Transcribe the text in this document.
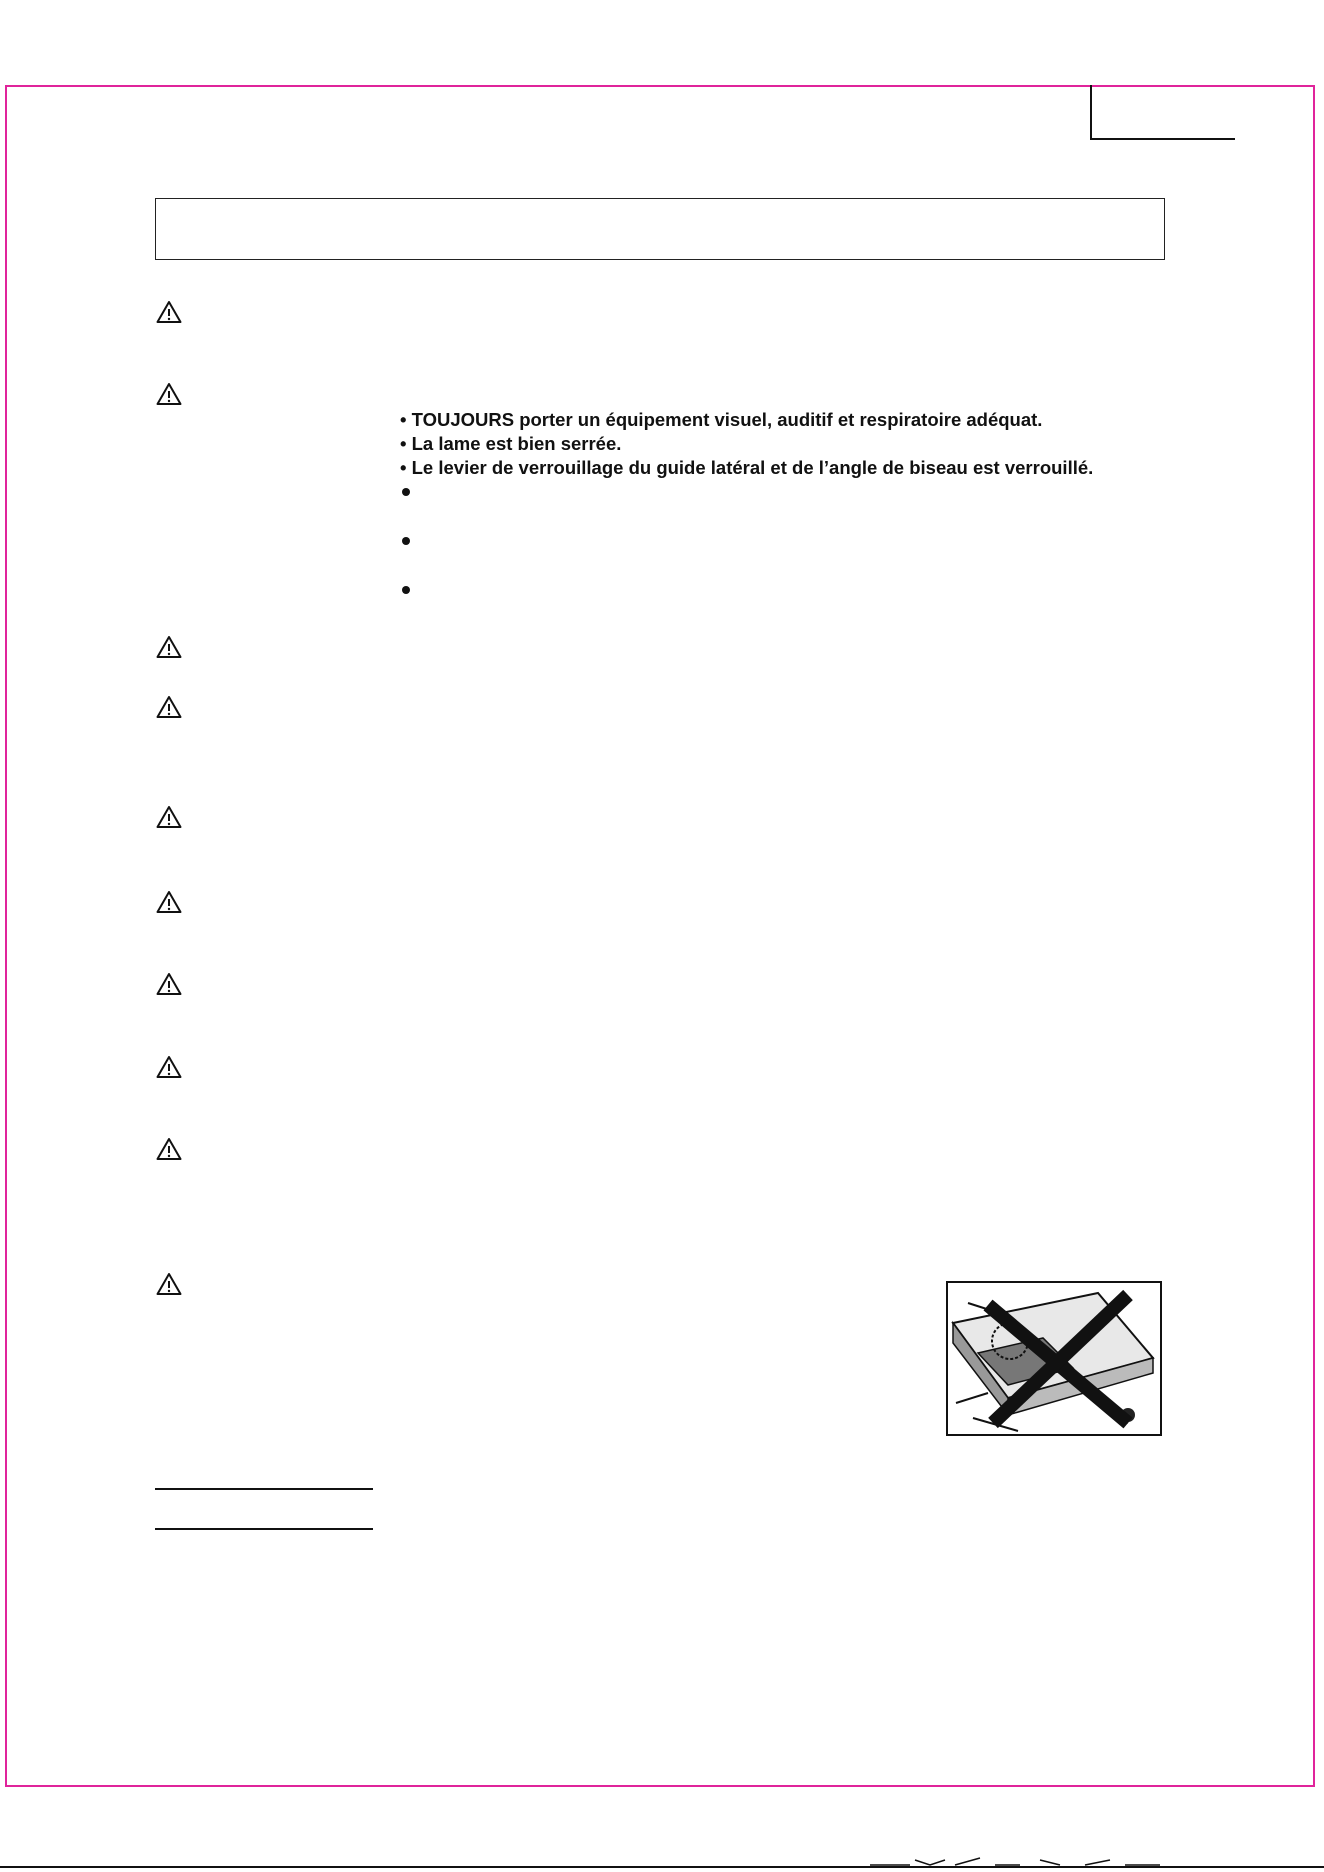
• TOUJOURS porter un équipement visuel, auditif et respiratoire adéquat.
• La lame est bien serrée.
• Le levier de verrouillage du guide latéral et de l’angle de biseau est verrouillé.
